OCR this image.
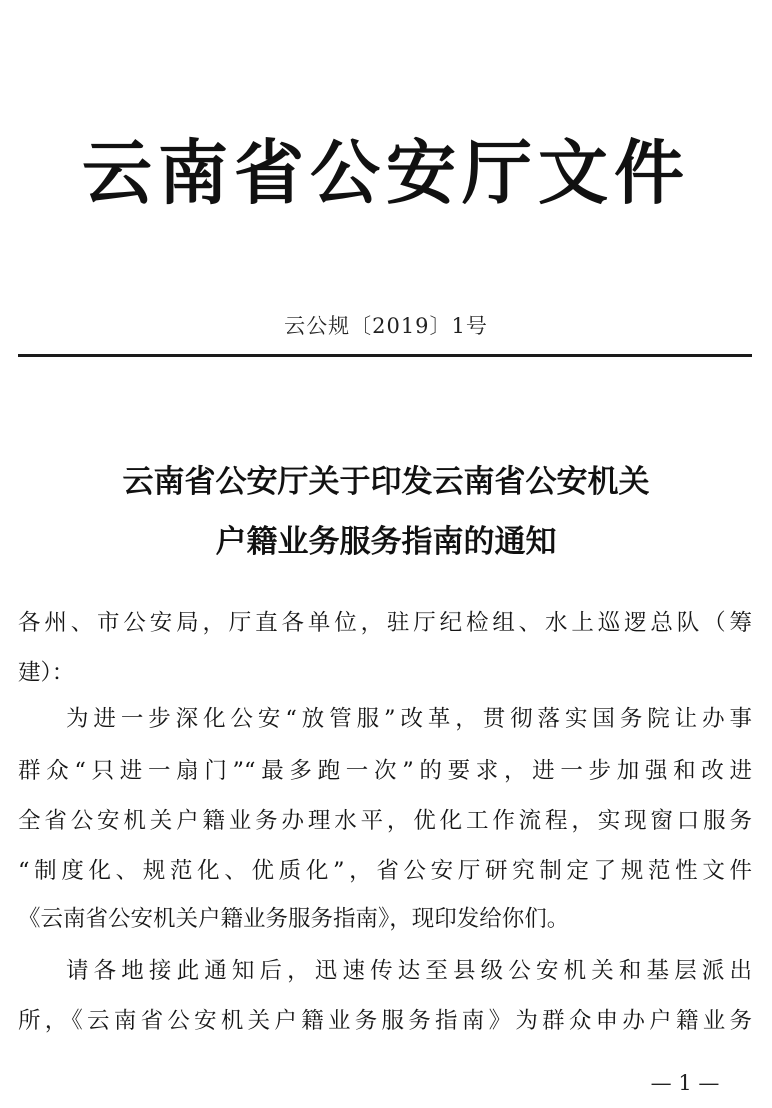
云南省公安厅文件
云公规〔2019〕1号
云南省公安厅关于印发云南省公安机关
户籍业务服务指南的通知
各州、市公安局，厅直各单位，驻厅纪检组、水上巡逻总队（筹
建）：
为进一步深化公安“放管服”改革，贯彻落实国务院让办事
群众“只进一扇门”“最多跑一次”的要求，进一步加强和改进
全省公安机关户籍业务办理水平，优化工作流程，实现窗口服务
“制度化、规范化、优质化”，省公安厅研究制定了规范性文件
《云南省公安机关户籍业务服务指南》，现印发给你们。
请各地接此通知后，迅速传达至县级公安机关和基层派出
所，《云南省公安机关户籍业务服务指南》为群众申办户籍业务
— 1 —
